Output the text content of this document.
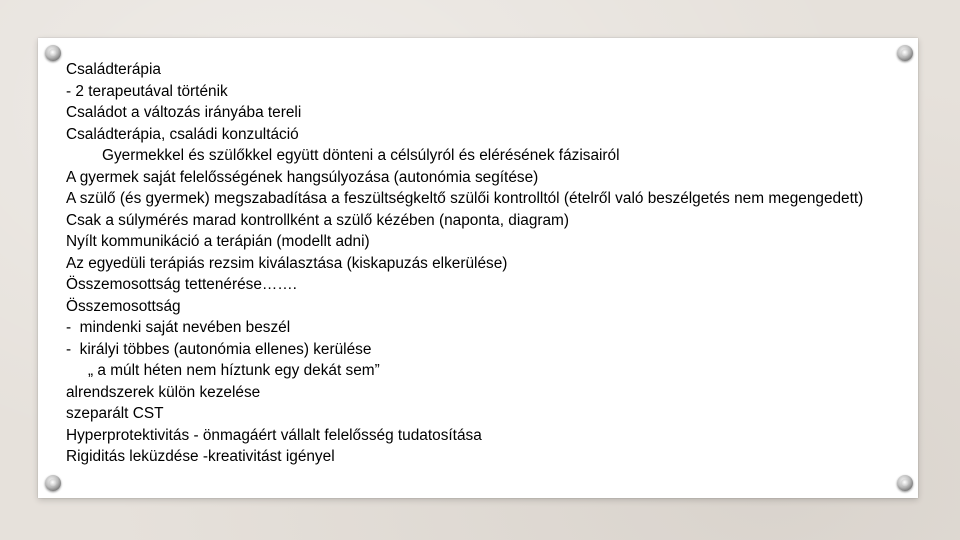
Családterápia

- 2 terapeutával történik

Családot a változás irányába tereli

Családterápia, családi konzultáció

Gyermekkel és szülőkkel együtt dönteni a célsúlyról és elérésének fázisairól

A gyermek saját felelősségének hangsúlyozása (autonómia segítése)

A szülő (és gyermek) megszabadítása a feszültségkeltő szülői kontrolltól (ételről való beszélgetés nem megengedett)

Csak a súlymérés marad kontrollként a szülő kézében (naponta, diagram)

Nyílt kommunikáció a terápián (modellt adni)

Az egyedüli terápiás rezsim kiválasztása (kiskapuzás elkerülése)

Összemosottság tettenérése…….

Összemosottság

-  mindenki saját nevében beszél

-  királyi többes (autonómia ellenes) kerülése

„ a múlt héten nem híztunk egy dekát sem”

alrendszerek külön kezelése

szeparált CST

Hyperprotektivitás - önmagáért vállalt felelősség tudatosítása

Rigiditás leküzdése -kreativitást igényel
